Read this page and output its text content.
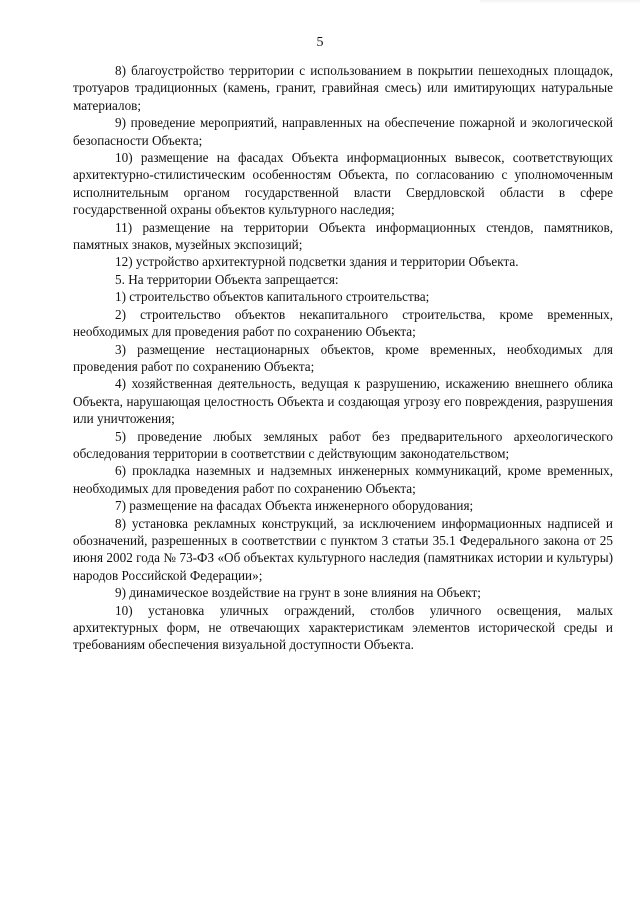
5

8) благоустройство территории с использованием в покрытии пешеходных площадок, тротуаров традиционных (камень, гранит, гравийная смесь) или имитирующих натуральные материалов;

9) проведение мероприятий, направленных на обеспечение пожарной и экологической безопасности Объекта;

10) размещение на фасадах Объекта информационных вывесок, соответствующих архитектурно-стилистическим особенностям Объекта, по согласованию с уполномоченным исполнительным органом государственной власти Свердловской области в сфере государственной охраны объектов культурного наследия;

11) размещение на территории Объекта информационных стендов, памятников, памятных знаков, музейных экспозиций;

12) устройство архитектурной подсветки здания и территории Объекта.

5. На территории Объекта запрещается:

1) строительство объектов капитального строительства;

2) строительство объектов некапитального строительства, кроме временных, необходимых для проведения работ по сохранению Объекта;

3) размещение нестационарных объектов, кроме временных, необходимых для проведения работ по сохранению Объекта;

4) хозяйственная деятельность, ведущая к разрушению, искажению внешнего облика Объекта, нарушающая целостность Объекта и создающая угрозу его повреждения, разрушения или уничтожения;

5) проведение любых земляных работ без предварительного археологического обследования территории в соответствии с действующим законодательством;

6) прокладка наземных и надземных инженерных коммуникаций, кроме временных, необходимых для проведения работ по сохранению Объекта;

7) размещение на фасадах Объекта инженерного оборудования;

8) установка рекламных конструкций, за исключением информационных надписей и обозначений, разрешенных в соответствии с пунктом 3 статьи 35.1 Федерального закона от 25 июня 2002 года № 73-ФЗ «Об объектах культурного наследия (памятниках истории и культуры) народов Российской Федерации»;

9) динамическое воздействие на грунт в зоне влияния на Объект;

10) установка уличных ограждений, столбов уличного освещения, малых архитектурных форм, не отвечающих характеристикам элементов исторической среды и требованиям обеспечения визуальной доступности Объекта.
